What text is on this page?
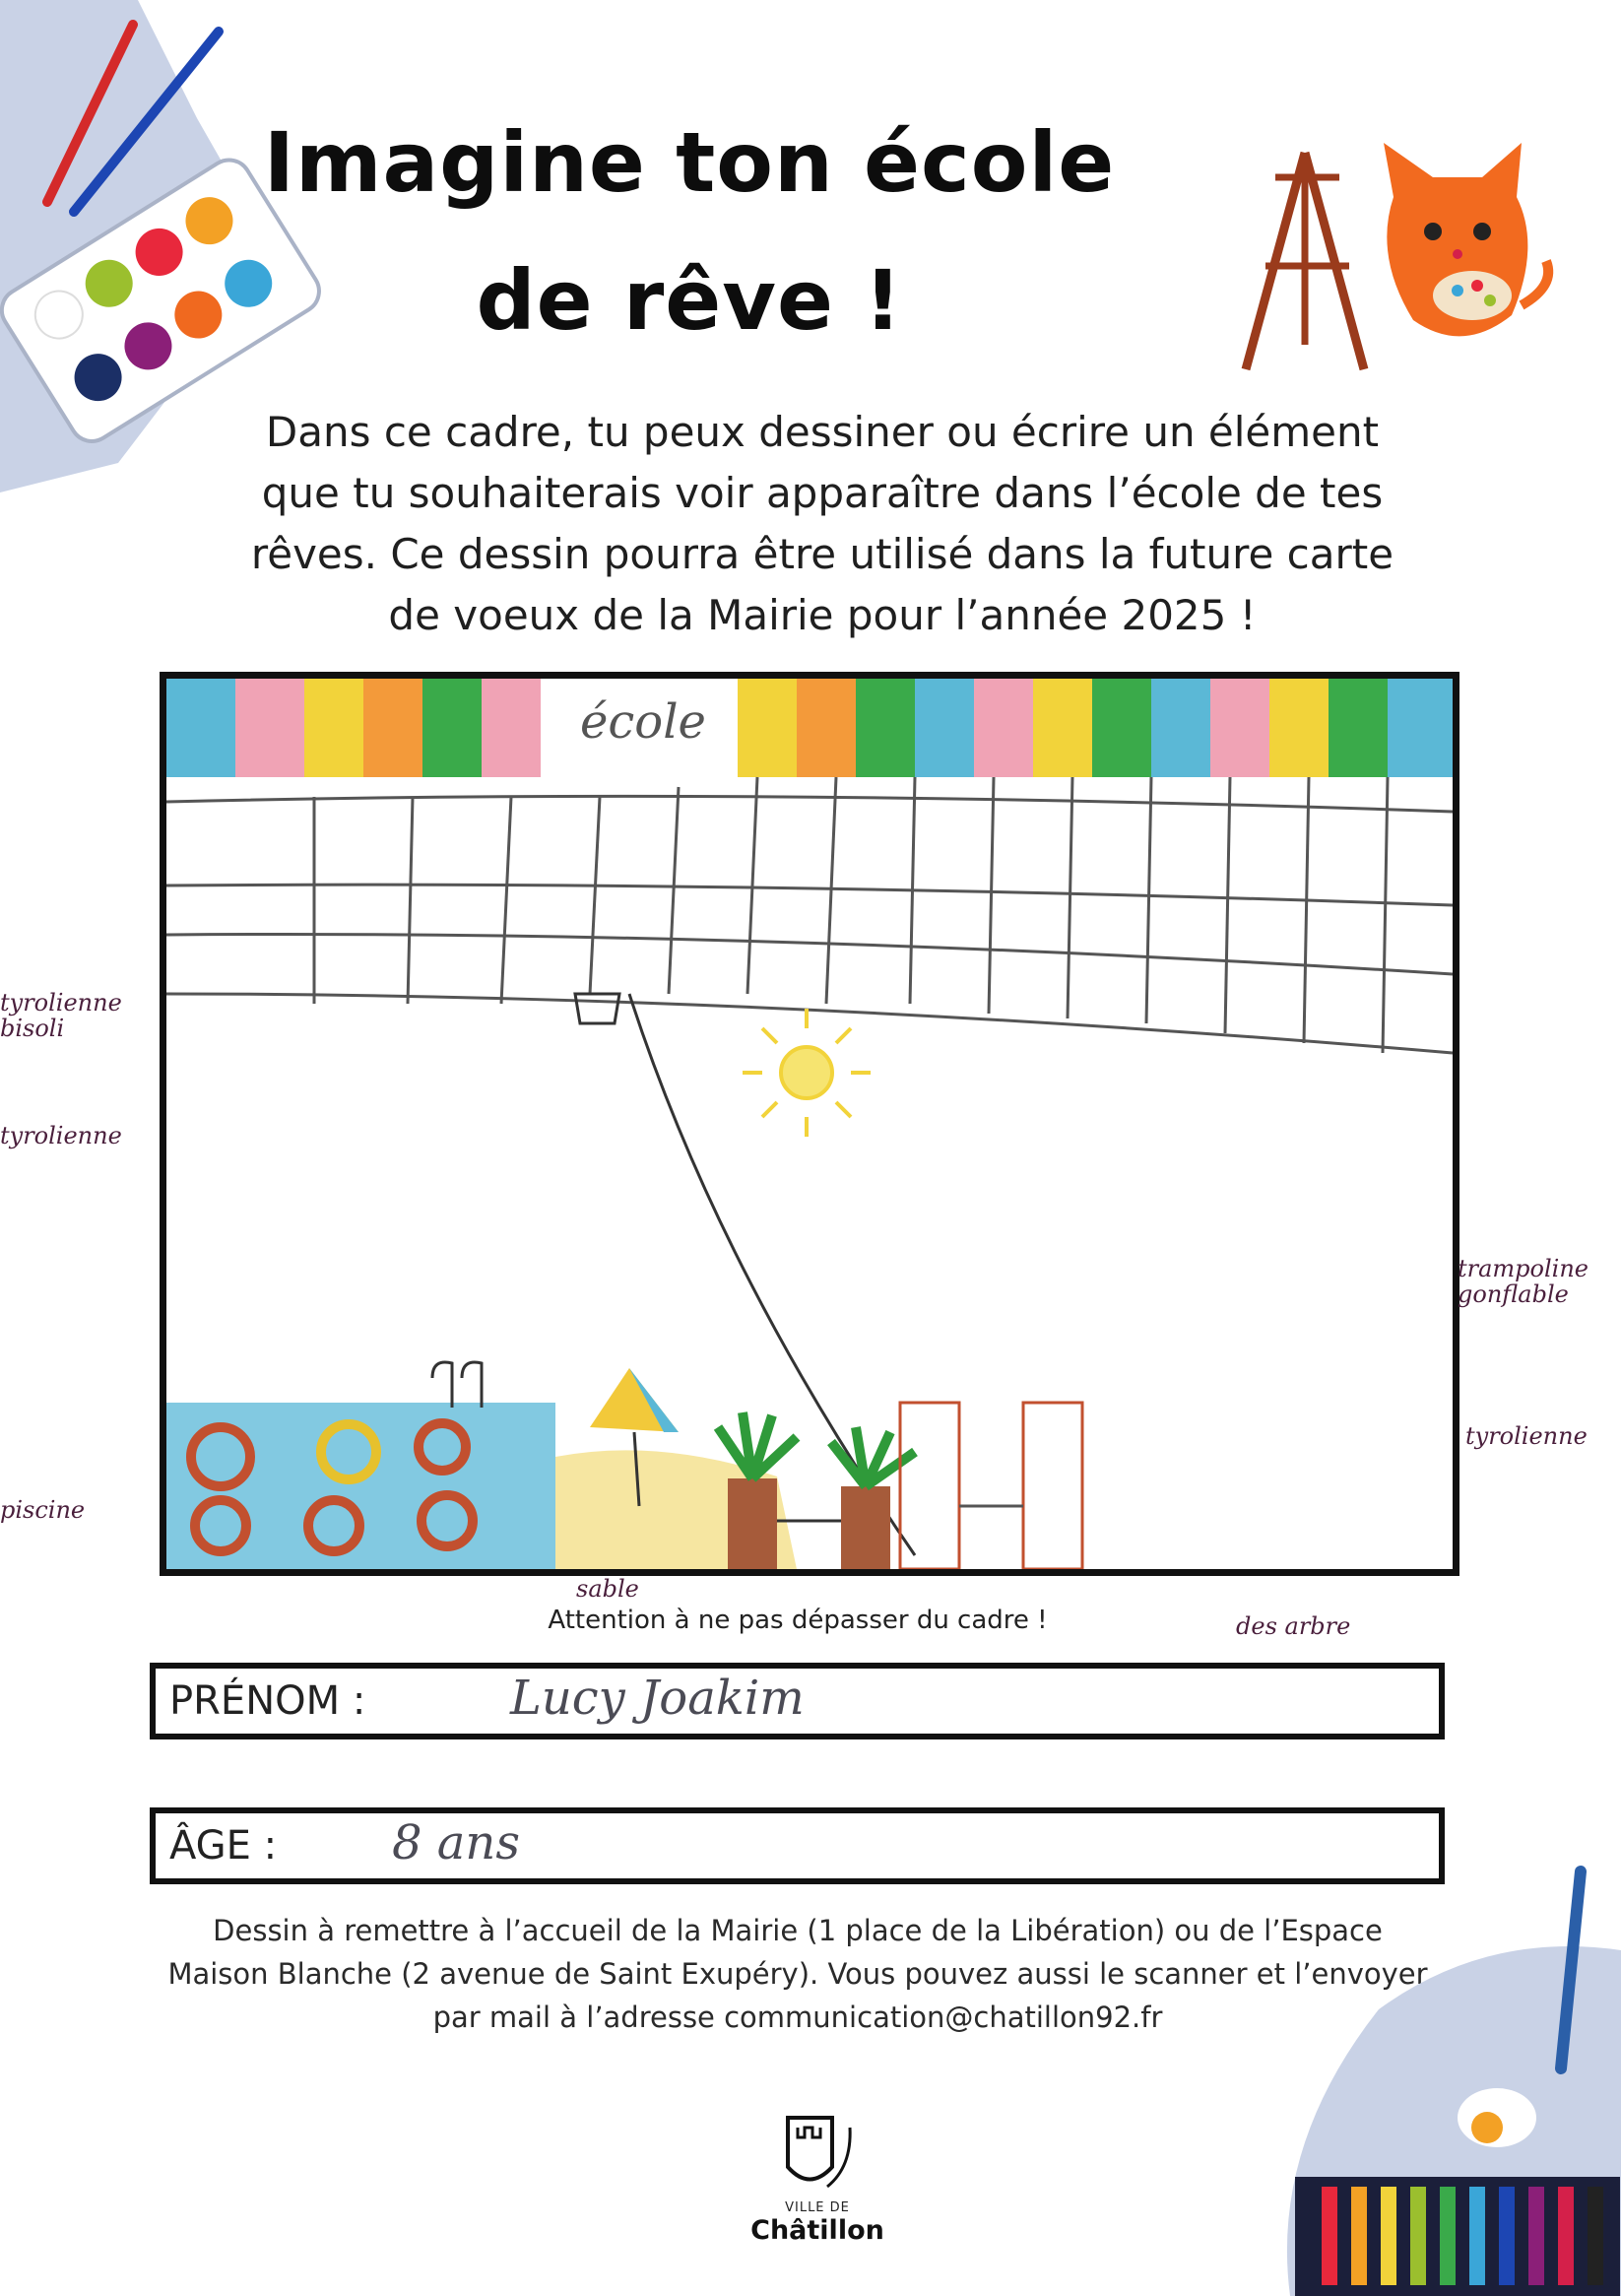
Imagine ton école
de rêve !
Dans ce cadre, tu peux dessiner ou écrire un élément
que tu souhaiterais voir apparaître dans l’école de tes
rêves. Ce dessin pourra être utilisé dans la future carte
de voeux de la Mairie pour l’année 2025 !
école
tyrolienne
bisoli
tyrolienne
piscine
trampoline
gonflable
tyrolienne
sable
des arbre
Attention à ne pas dépasser du cadre !
PRÉNOM :	Lucy Joakim
ÂGE : 8 ans
Dessin à remettre à l’accueil de la Mairie (1 place de la Libération) ou de l’Espace
Maison Blanche (2 avenue de Saint Exupéry). Vous pouvez aussi le scanner et l’envoyer
par mail à l’adresse communication@chatillon92.fr
VILLE DE
Châtillon
